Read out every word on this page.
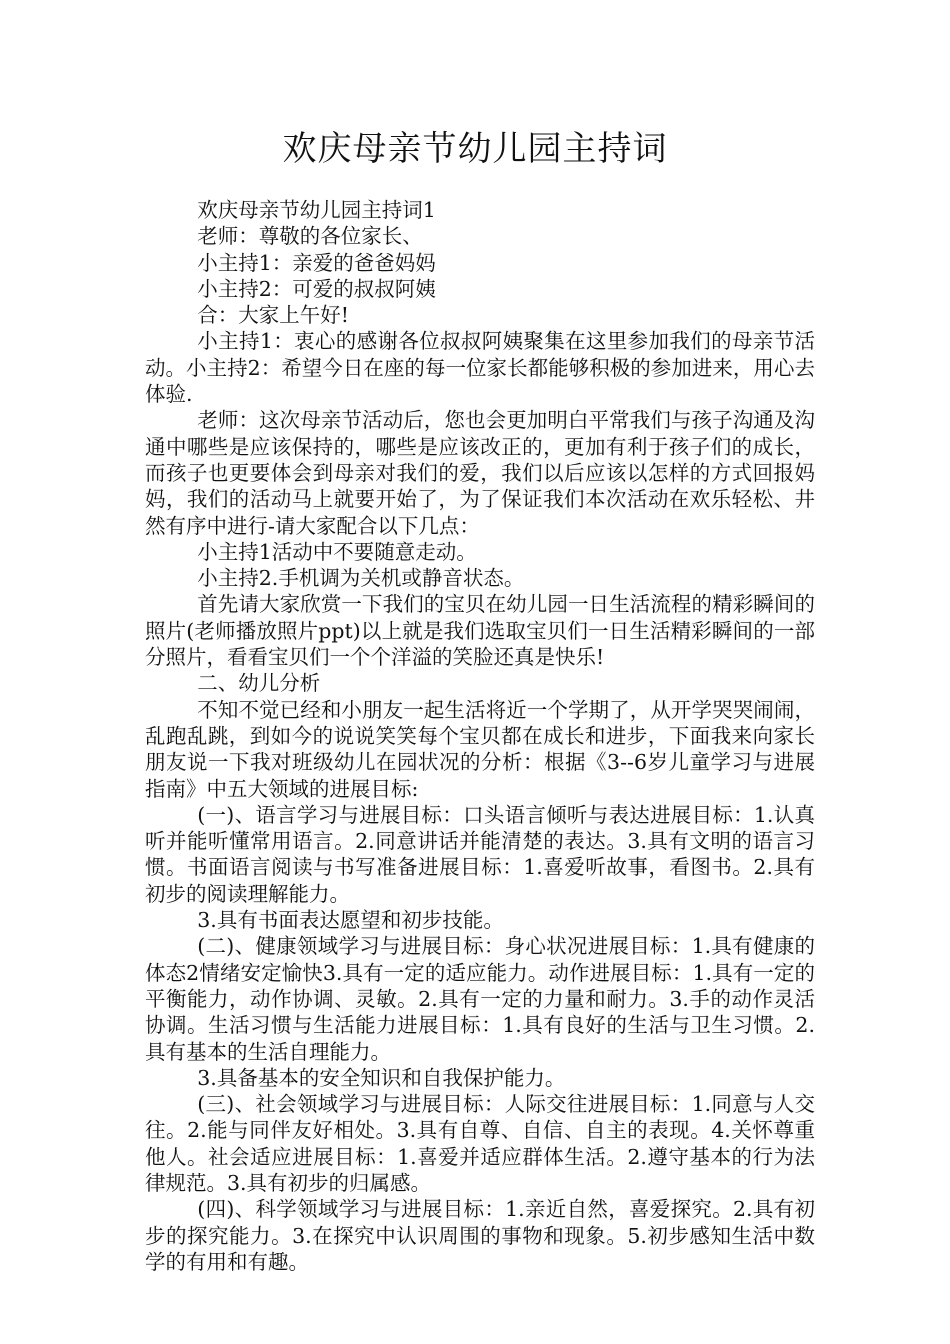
欢庆母亲节幼儿园主持词

欢庆母亲节幼儿园主持词1

老师：尊敬的各位家长、

小主持1：亲爱的爸爸妈妈

小主持2：可爱的叔叔阿姨

合：大家上午好!

小主持1：衷心的感谢各位叔叔阿姨聚集在这里参加我们的母亲节活动。小主持2：希望今日在座的每一位家长都能够积极的参加进来，用心去体验.

老师：这次母亲节活动后，您也会更加明白平常我们与孩子沟通及沟通中哪些是应该保持的，哪些是应该改正的，更加有利于孩子们的成长，而孩子也更要体会到母亲对我们的爱，我们以后应该以怎样的方式回报妈妈，我们的活动马上就要开始了，为了保证我们本次活动在欢乐轻松、井然有序中进行-请大家配合以下几点：

小主持1活动中不要随意走动。

小主持2.手机调为关机或静音状态。

首先请大家欣赏一下我们的宝贝在幼儿园一日生活流程的精彩瞬间的照片(老师播放照片ppt)以上就是我们选取宝贝们一日生活精彩瞬间的一部分照片，看看宝贝们一个个洋溢的笑脸还真是快乐!

二、幼儿分析

不知不觉已经和小朋友一起生活将近一个学期了，从开学哭哭闹闹，乱跑乱跳，到如今的说说笑笑每个宝贝都在成长和进步，下面我来向家长朋友说一下我对班级幼儿在园状况的分析：根据《3--6岁儿童学习与进展指南》中五大领域的进展目标:

(一)、语言学习与进展目标：口头语言倾听与表达进展目标：1.认真听并能听懂常用语言。2.同意讲话并能清楚的表达。3.具有文明的语言习惯。书面语言阅读与书写准备进展目标：1.喜爱听故事，看图书。2.具有初步的阅读理解能力。

3.具有书面表达愿望和初步技能。

(二)、健康领域学习与进展目标：身心状况进展目标：1.具有健康的体态2情绪安定愉快3.具有一定的适应能力。动作进展目标：1.具有一定的平衡能力，动作协调、灵敏。2.具有一定的力量和耐力。3.手的动作灵活协调。生活习惯与生活能力进展目标：1.具有良好的生活与卫生习惯。2.具有基本的生活自理能力。

3.具备基本的安全知识和自我保护能力。

(三)、社会领域学习与进展目标：人际交往进展目标：1.同意与人交往。2.能与同伴友好相处。3.具有自尊、自信、自主的表现。4.关怀尊重他人。社会适应进展目标：1.喜爱并适应群体生活。2.遵守基本的行为法律规范。3.具有初步的归属感。

(四)、科学领域学习与进展目标：1.亲近自然，喜爱探究。2.具有初步的探究能力。3.在探究中认识周围的事物和现象。5.初步感知生活中数学的有用和有趣。
